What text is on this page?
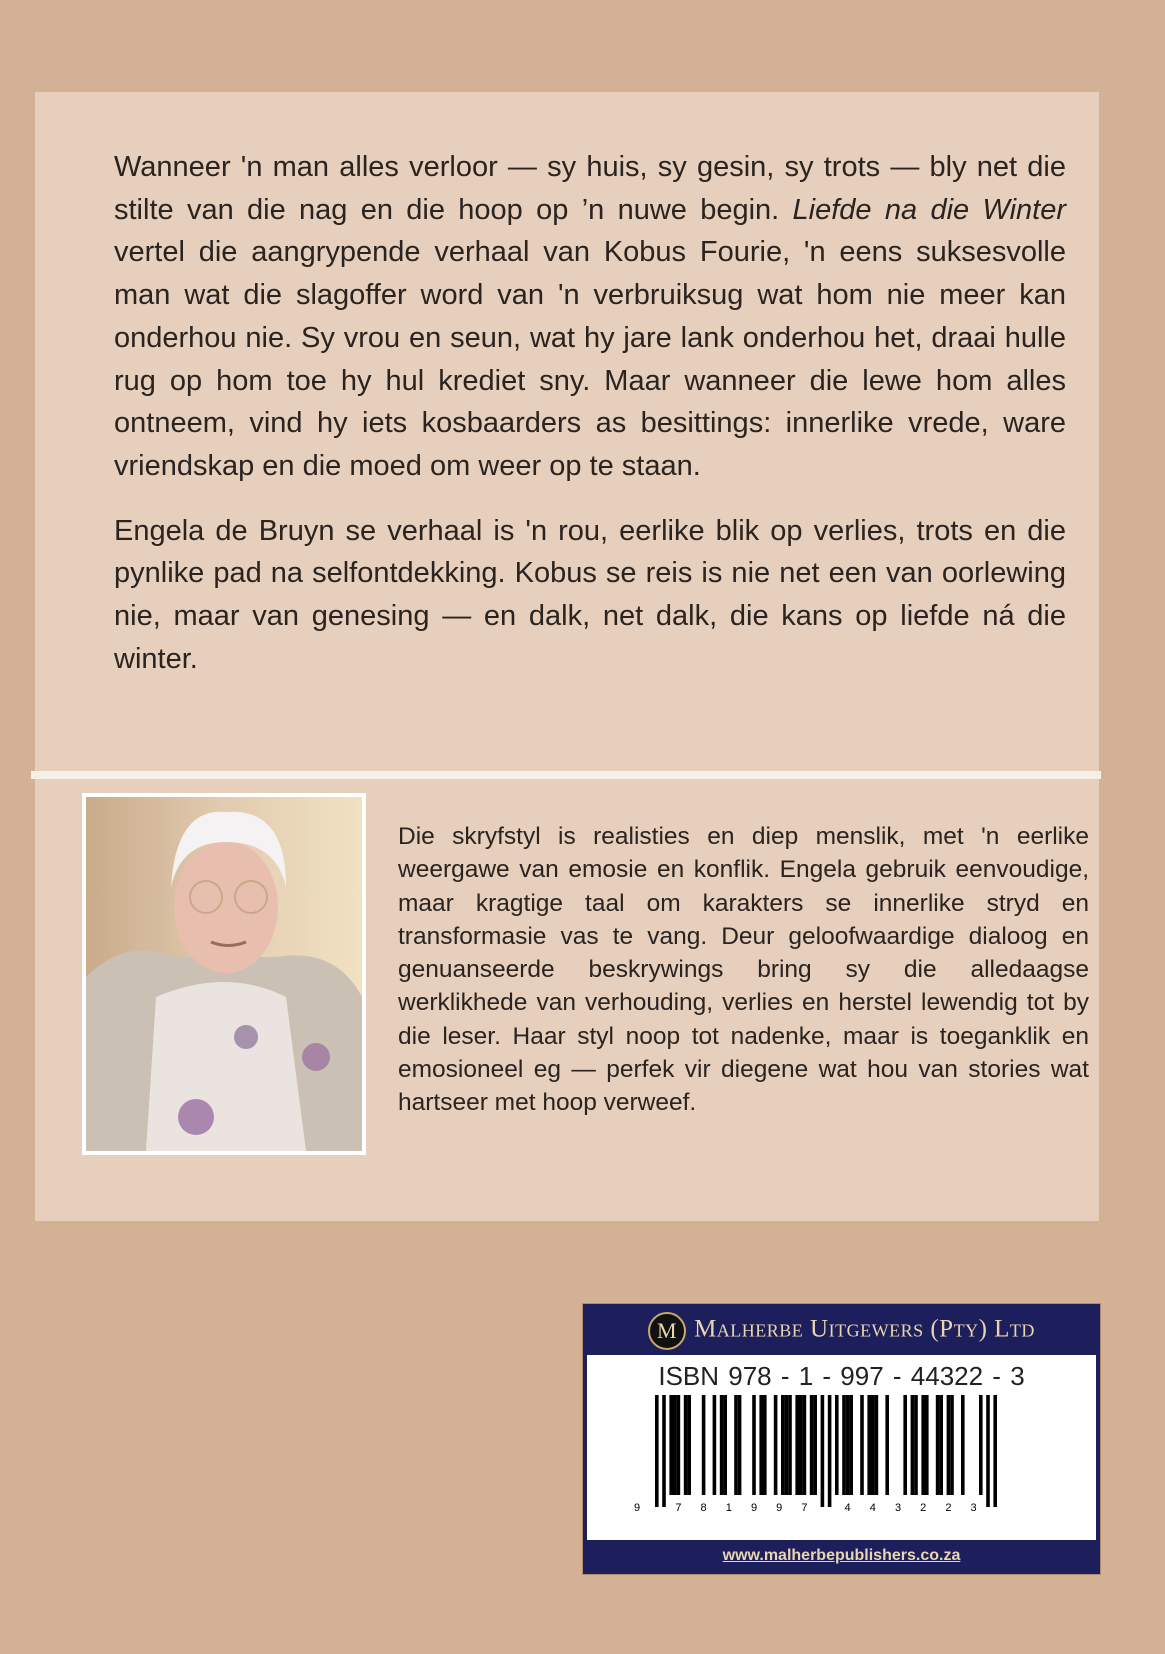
Wanneer 'n man alles verloor — sy huis, sy gesin, sy trots — bly net die stilte van die nag en die hoop op ’n nuwe begin. Liefde na die Winter vertel die aangrypende verhaal van Kobus Fourie, 'n eens suksesvolle man wat die slagoffer word van 'n verbruiksug wat hom nie meer kan onderhou nie. Sy vrou en seun, wat hy jare lank onderhou het, draai hulle rug op hom toe hy hul krediet sny. Maar wanneer die lewe hom alles ontneem, vind hy iets kosbaarders as besittings: innerlike vrede, ware vriendskap en die moed om weer op te staan.

Engela de Bruyn se verhaal is 'n rou, eerlike blik op verlies, trots en die pynlike pad na selfontdekking. Kobus se reis is nie net een van oorlewing nie, maar van genesing — en dalk, net dalk, die kans op liefde ná die winter.

Die skryfstyl is realisties en diep menslik, met 'n eerlike weergawe van emosie en konflik. Engela gebruik eenvoudige, maar kragtige taal om karakters se innerlike stryd en transformasie vas te vang. Deur geloofwaardige dialoog en genuanseerde beskrywings bring sy die alledaagse werklikhede van verhouding, verlies en herstel lewendig tot by die leser. Haar styl noop tot nadenke, maar is toeganklik en emosioneel eg — perfek vir diegene wat hou van stories wat hartseer met hoop verweef.
M Malherbe Uitgewers (Pty) Ltd
ISBN 978 - 1 - 997 - 44322 - 3
9	7 8 1 9 9 7	4 4 3 2 2 3
www.malherbepublishers.co.za
